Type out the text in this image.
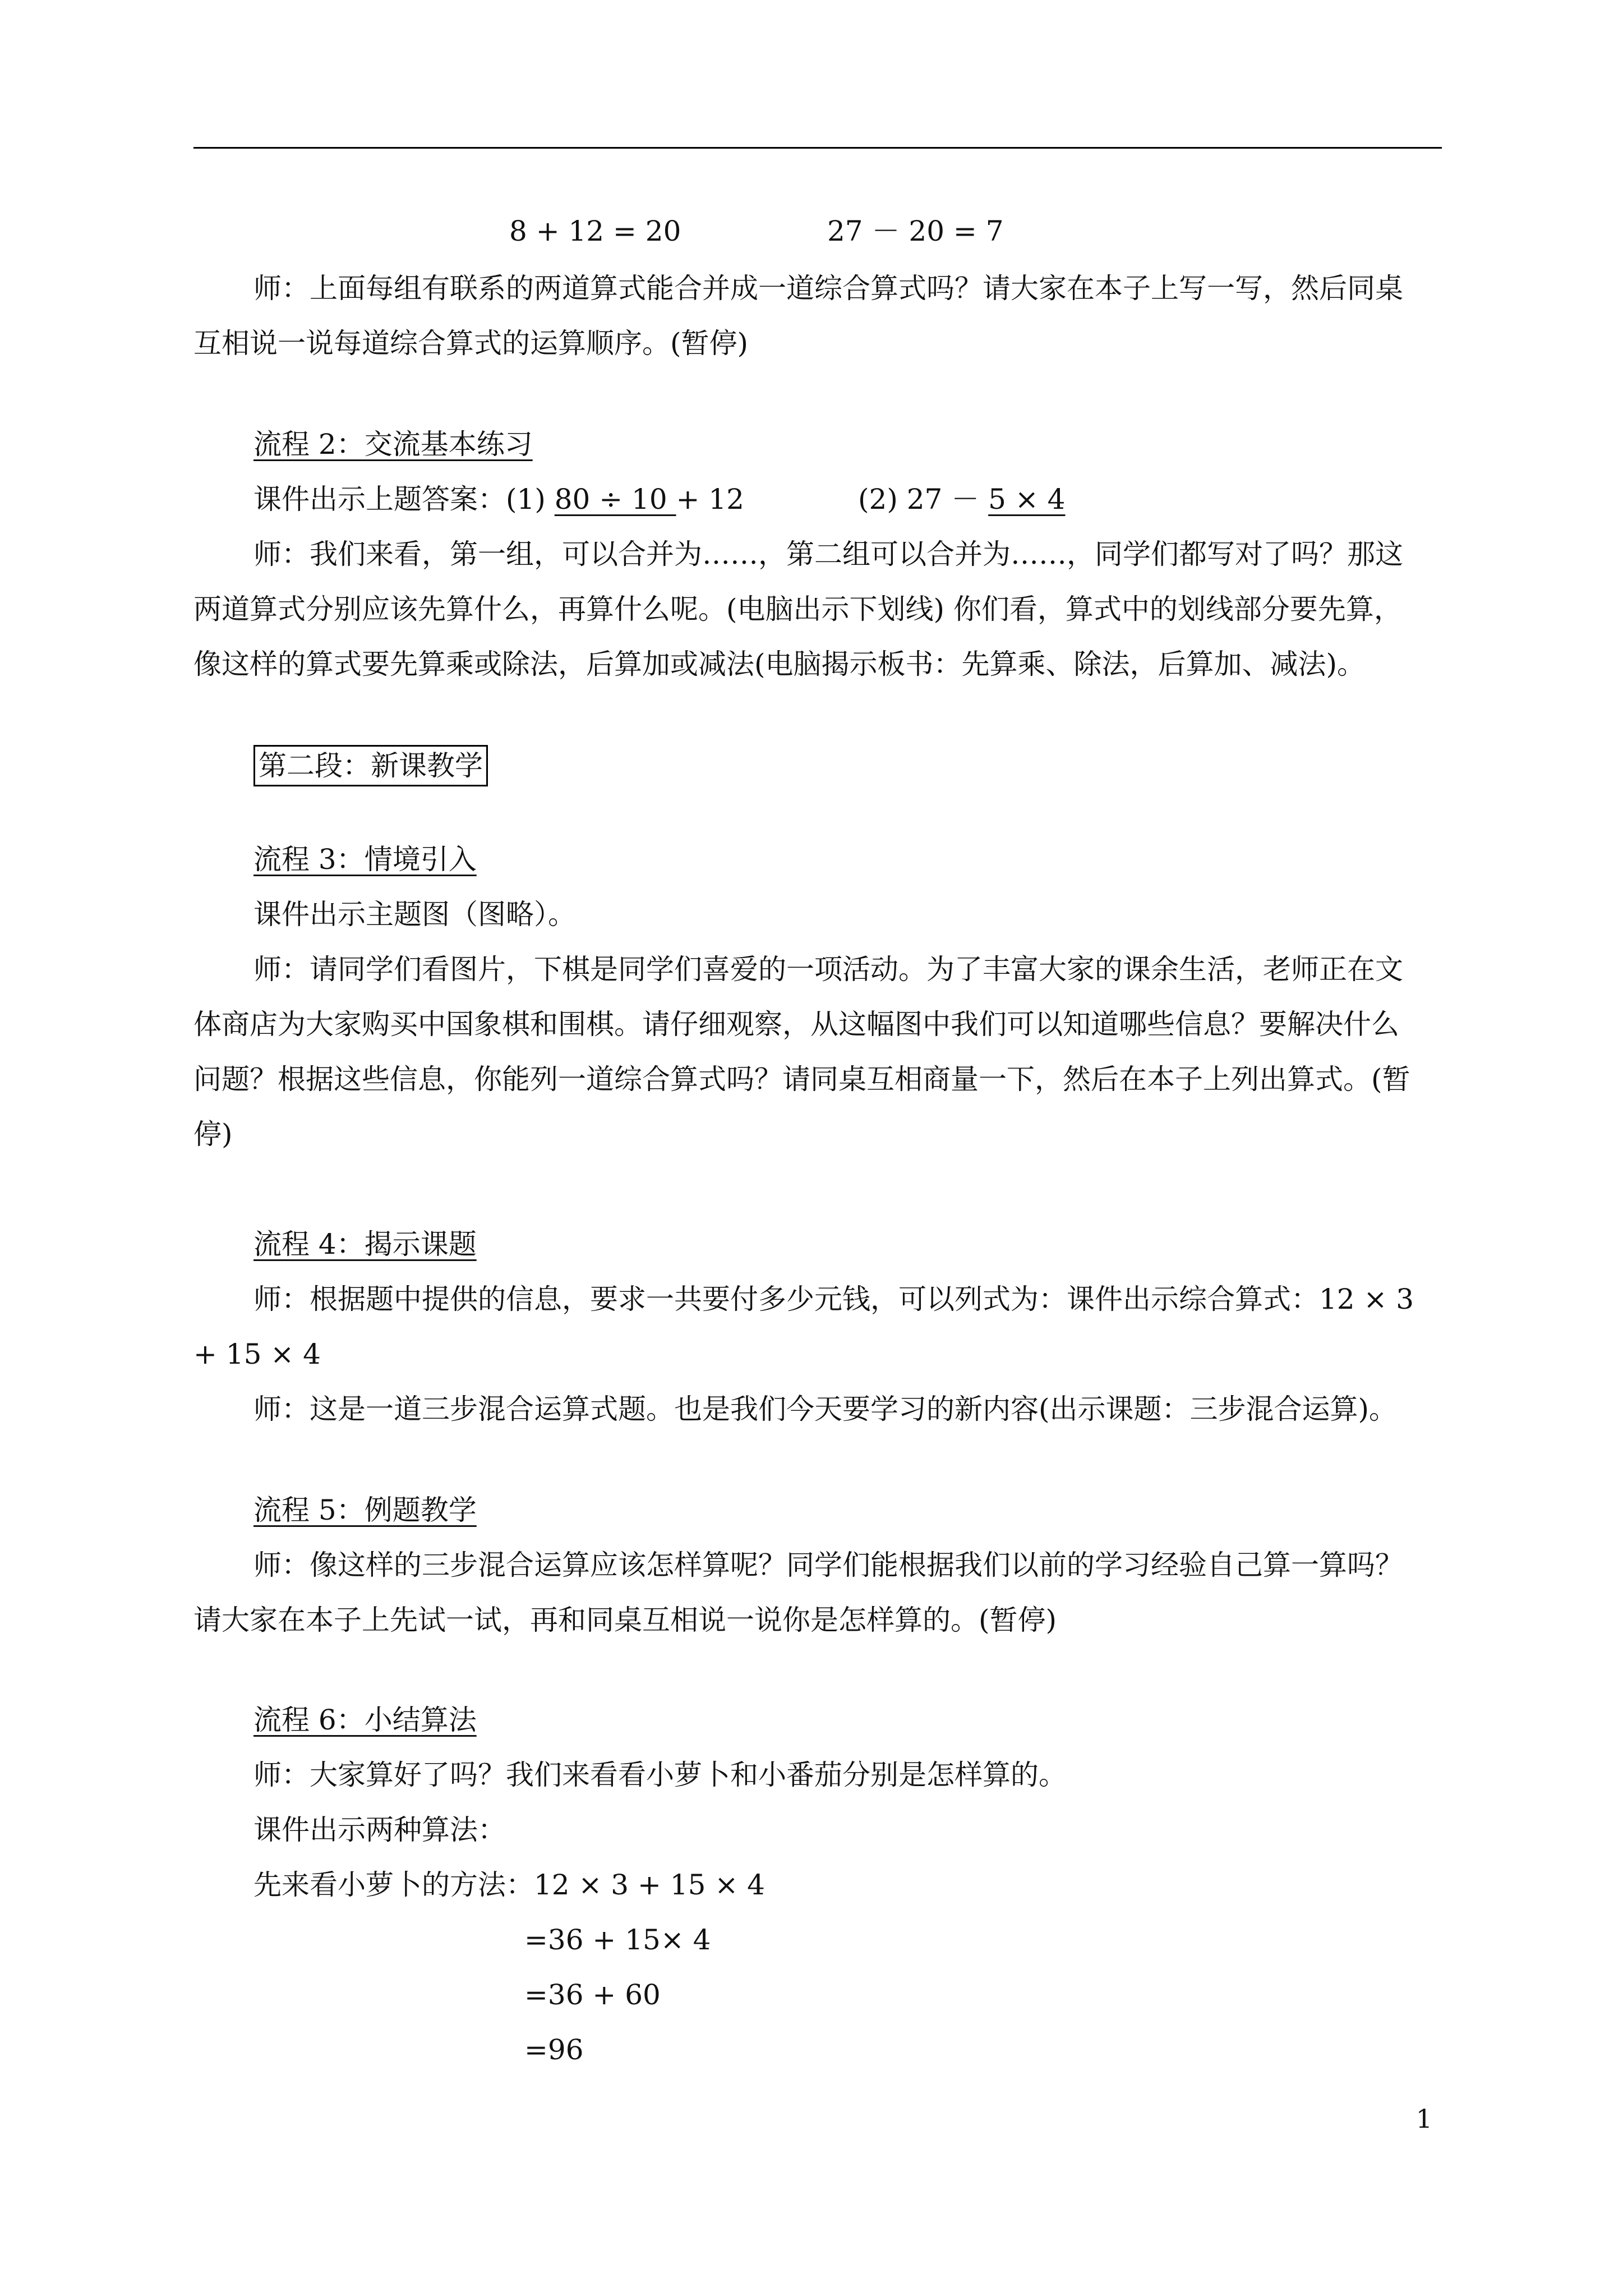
8 + 12 = 20	27 － 20 = 7
师：上面每组有联系的两道算式能合并成一道综合算式吗？请大家在本子上写一写，然后同桌
互相说一说每道综合算式的运算顺序。(暂停)
流程 2：交流基本练习
课件出示上题答案：(1) 80 ÷ 10 + 12	(2) 27 － 5 × 4
师：我们来看，第一组，可以合并为……，第二组可以合并为……，同学们都写对了吗？那这
两道算式分别应该先算什么，再算什么呢。(电脑出示下划线) 你们看，算式中的划线部分要先算，
像这样的算式要先算乘或除法，后算加或减法(电脑揭示板书：先算乘、除法，后算加、减法)。
第二段：新课教学
流程 3：情境引入
课件出示主题图（图略）。
师：请同学们看图片，下棋是同学们喜爱的一项活动。为了丰富大家的课余生活，老师正在文
体商店为大家购买中国象棋和围棋。请仔细观察，从这幅图中我们可以知道哪些信息？要解决什么
问题？根据这些信息，你能列一道综合算式吗？请同桌互相商量一下，然后在本子上列出算式。(暂
停)
流程 4：揭示课题
师：根据题中提供的信息，要求一共要付多少元钱，可以列式为：课件出示综合算式：12 × 3
+ 15 × 4
师：这是一道三步混合运算式题。也是我们今天要学习的新内容(出示课题：三步混合运算)。
流程 5：例题教学
师：像这样的三步混合运算应该怎样算呢？同学们能根据我们以前的学习经验自己算一算吗？
请大家在本子上先试一试，再和同桌互相说一说你是怎样算的。(暂停)
流程 6：小结算法
师：大家算好了吗？我们来看看小萝卜和小番茄分别是怎样算的。
课件出示两种算法：
先来看小萝卜的方法：12 × 3 + 15 × 4
=36 + 15× 4
=36 + 60
=96
1
